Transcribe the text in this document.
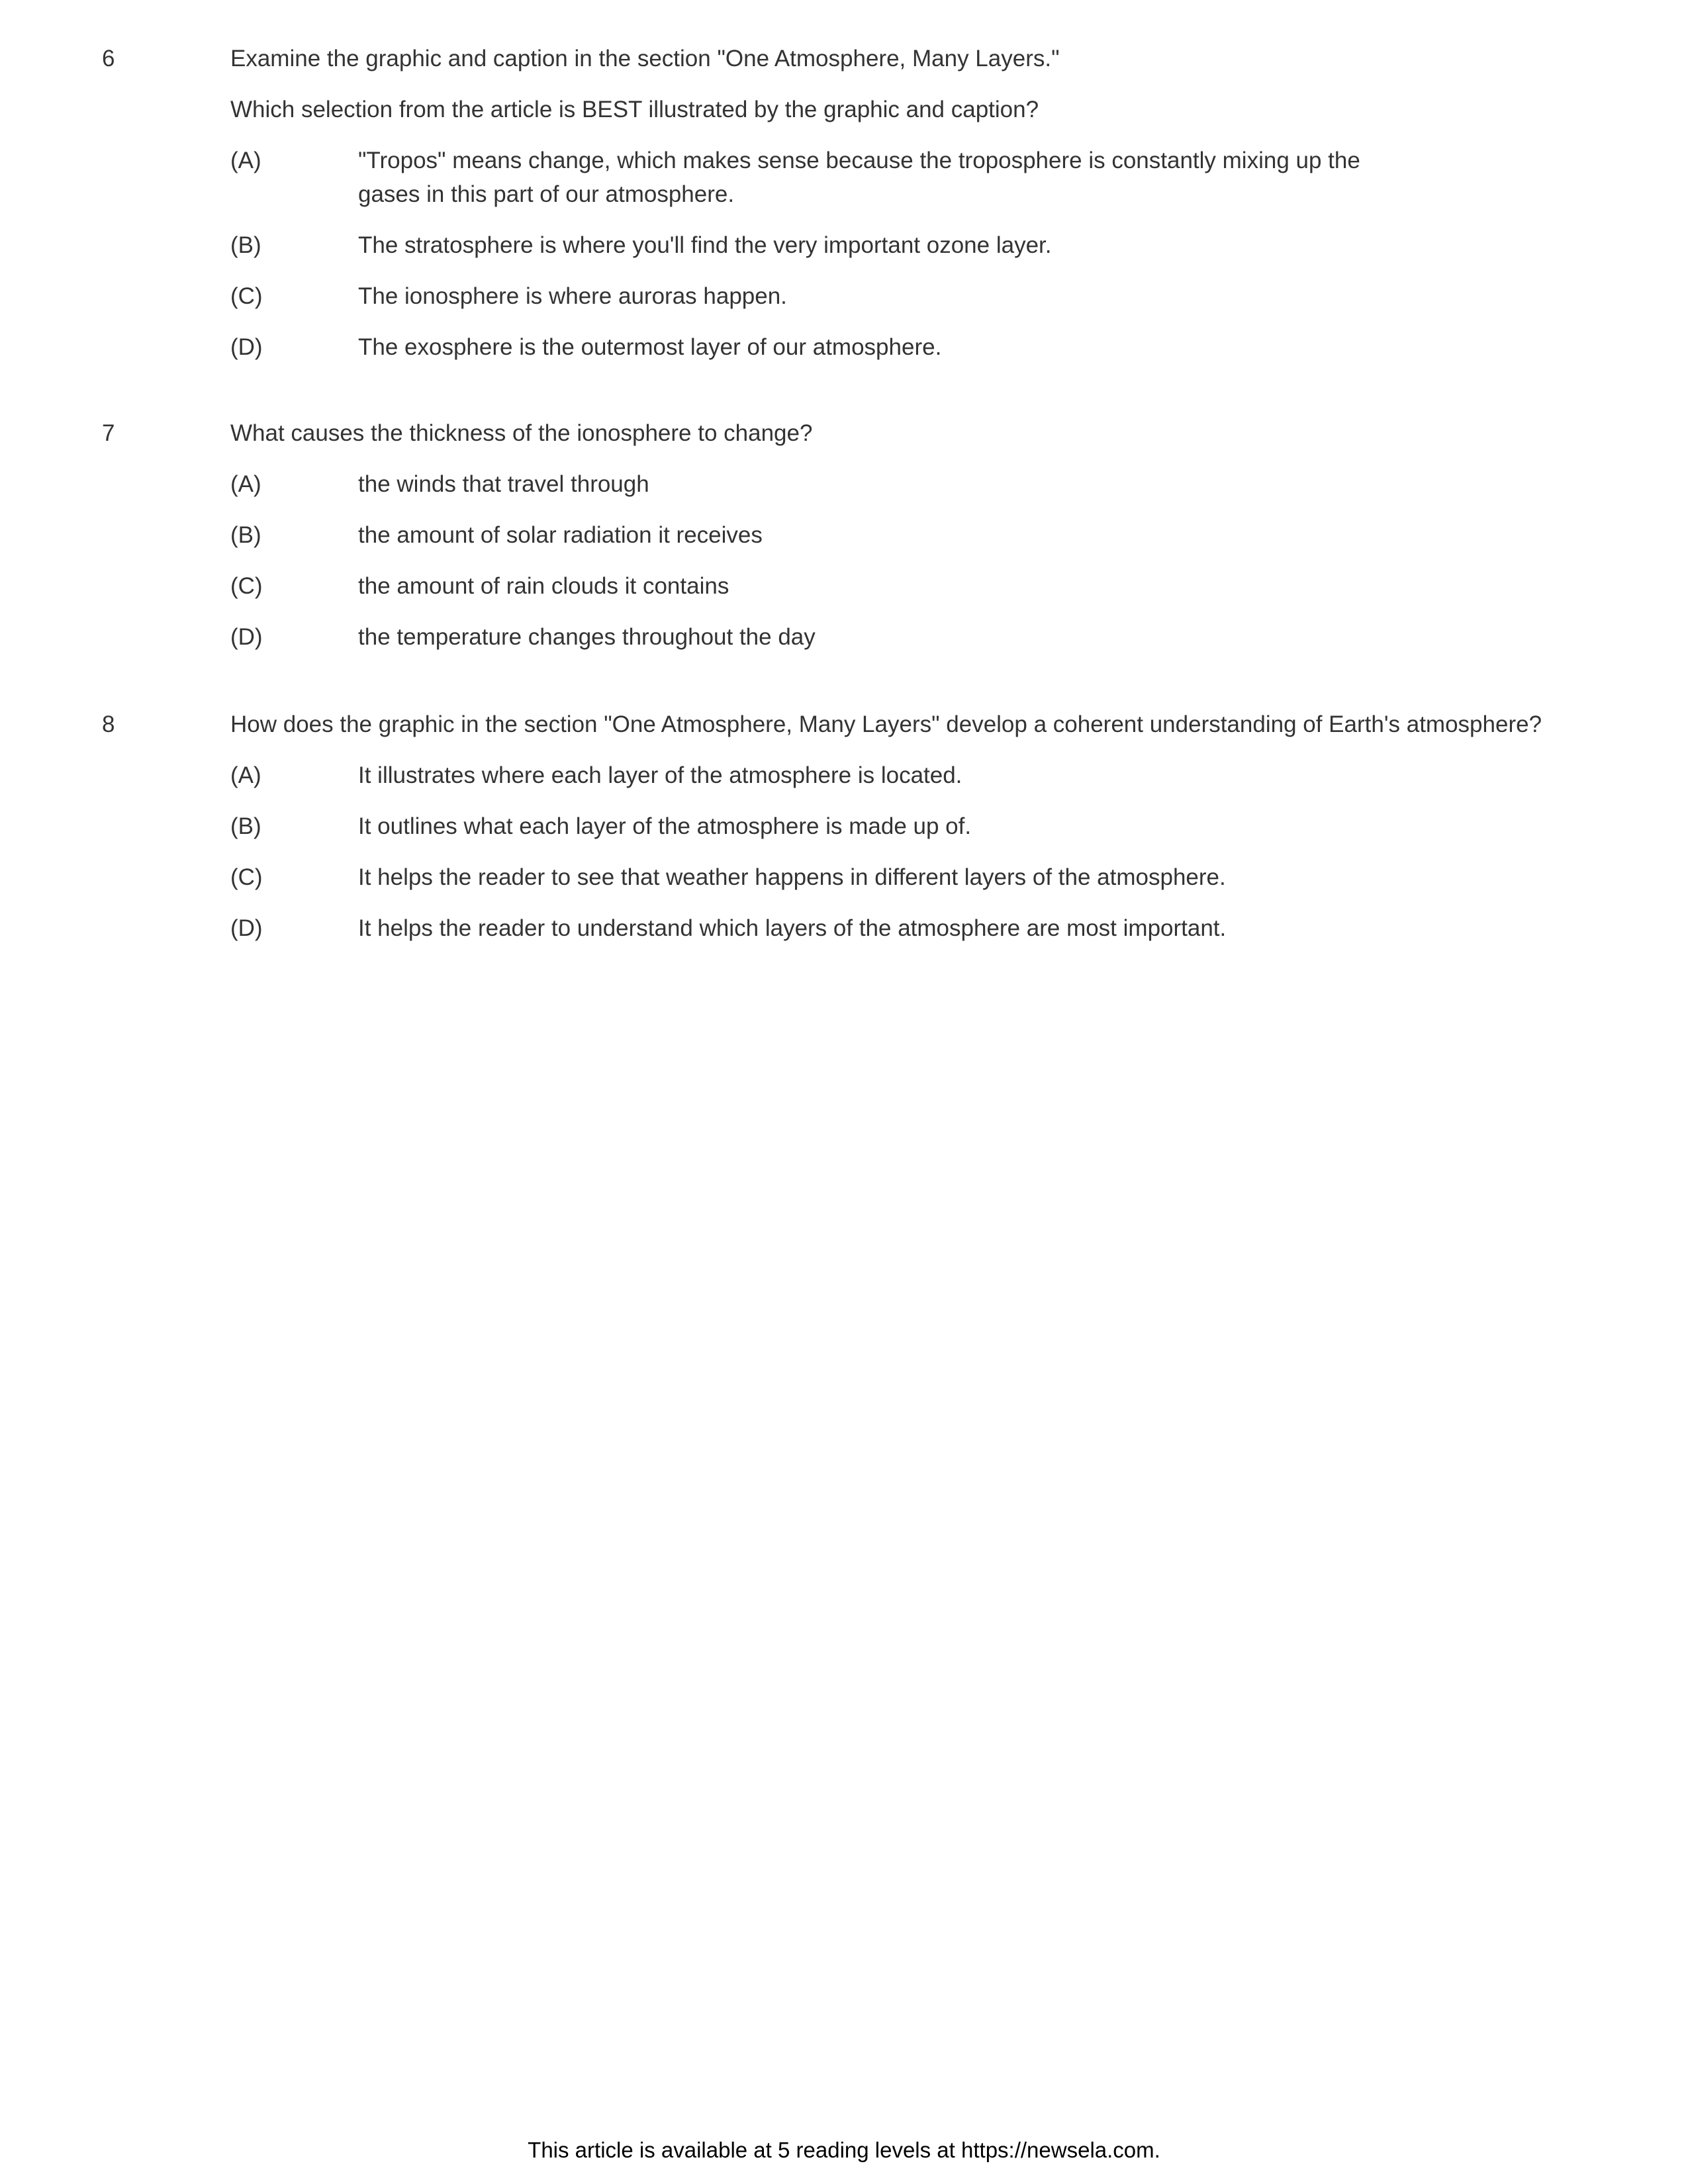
6	Examine the graphic and caption in the section "One Atmosphere, Many Layers."
Which selection from the article is BEST illustrated by the graphic and caption?
(A)	"Tropos" means change, which makes sense because the troposphere is constantly mixing up the gases in this part of our atmosphere.
(B)	The stratosphere is where you'll find the very important ozone layer.
(C)	The ionosphere is where auroras happen.
(D)	The exosphere is the outermost layer of our atmosphere.
7	What causes the thickness of the ionosphere to change?
(A)	the winds that travel through
(B)	the amount of solar radiation it receives
(C)	the amount of rain clouds it contains
(D)	the temperature changes throughout the day
8	How does the graphic in the section "One Atmosphere, Many Layers" develop a coherent understanding of Earth's atmosphere?
(A)	It illustrates where each layer of the atmosphere is located.
(B)	It outlines what each layer of the atmosphere is made up of.
(C)	It helps the reader to see that weather happens in different layers of the atmosphere.
(D)	It helps the reader to understand which layers of the atmosphere are most important.
This article is available at 5 reading levels at https://newsela.com.
